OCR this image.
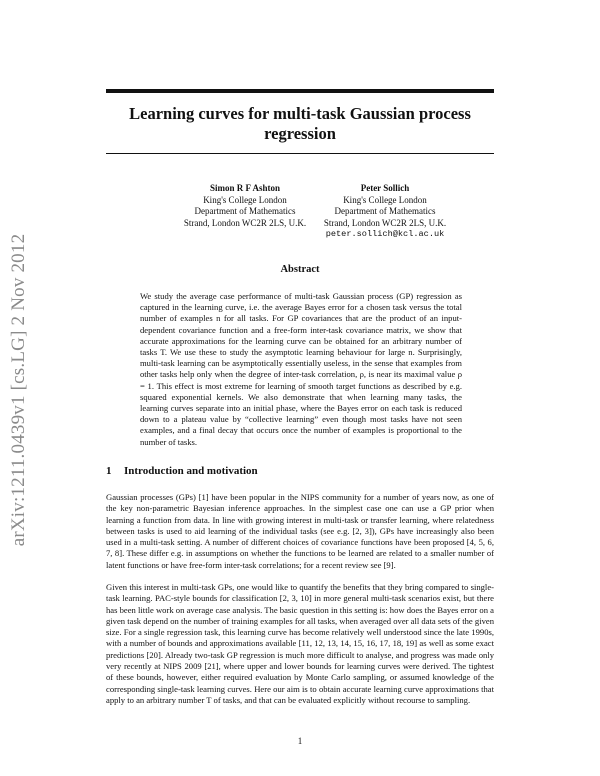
arXiv:1211.0439v1 [cs.LG] 2 Nov 2012
Learning curves for multi-task Gaussian process regression
Simon R F Ashton
King's College London
Department of Mathematics
Strand, London WC2R 2LS, U.K.
Peter Sollich
King's College London
Department of Mathematics
Strand, London WC2R 2LS, U.K.
peter.sollich@kcl.ac.uk
Abstract
We study the average case performance of multi-task Gaussian process (GP) regression as captured in the learning curve, i.e. the average Bayes error for a chosen task versus the total number of examples n for all tasks. For GP covariances that are the product of an input-dependent covariance function and a free-form inter-task covariance matrix, we show that accurate approximations for the learning curve can be obtained for an arbitrary number of tasks T. We use these to study the asymptotic learning behaviour for large n. Surprisingly, multi-task learning can be asymptotically essentially useless, in the sense that examples from other tasks help only when the degree of inter-task correlation, ρ, is near its maximal value ρ = 1. This effect is most extreme for learning of smooth target functions as described by e.g. squared exponential kernels. We also demonstrate that when learning many tasks, the learning curves separate into an initial phase, where the Bayes error on each task is reduced down to a plateau value by “collective learning” even though most tasks have not seen examples, and a final decay that occurs once the number of examples is proportional to the number of tasks.
1 Introduction and motivation
Gaussian processes (GPs) [1] have been popular in the NIPS community for a number of years now, as one of the key non-parametric Bayesian inference approaches. In the simplest case one can use a GP prior when learning a function from data. In line with growing interest in multi-task or transfer learning, where relatedness between tasks is used to aid learning of the individual tasks (see e.g. [2, 3]), GPs have increasingly also been used in a multi-task setting. A number of different choices of covariance functions have been proposed [4, 5, 6, 7, 8]. These differ e.g. in assumptions on whether the functions to be learned are related to a smaller number of latent functions or have free-form inter-task correlations; for a recent review see [9].
Given this interest in multi-task GPs, one would like to quantify the benefits that they bring compared to single-task learning. PAC-style bounds for classification [2, 3, 10] in more general multi-task scenarios exist, but there has been little work on average case analysis. The basic question in this setting is: how does the Bayes error on a given task depend on the number of training examples for all tasks, when averaged over all data sets of the given size. For a single regression task, this learning curve has become relatively well understood since the late 1990s, with a number of bounds and approximations available [11, 12, 13, 14, 15, 16, 17, 18, 19] as well as some exact predictions [20]. Already two-task GP regression is much more difficult to analyse, and progress was made only very recently at NIPS 2009 [21], where upper and lower bounds for learning curves were derived. The tightest of these bounds, however, either required evaluation by Monte Carlo sampling, or assumed knowledge of the corresponding single-task learning curves. Here our aim is to obtain accurate learning curve approximations that apply to an arbitrary number T of tasks, and that can be evaluated explicitly without recourse to sampling.
1
